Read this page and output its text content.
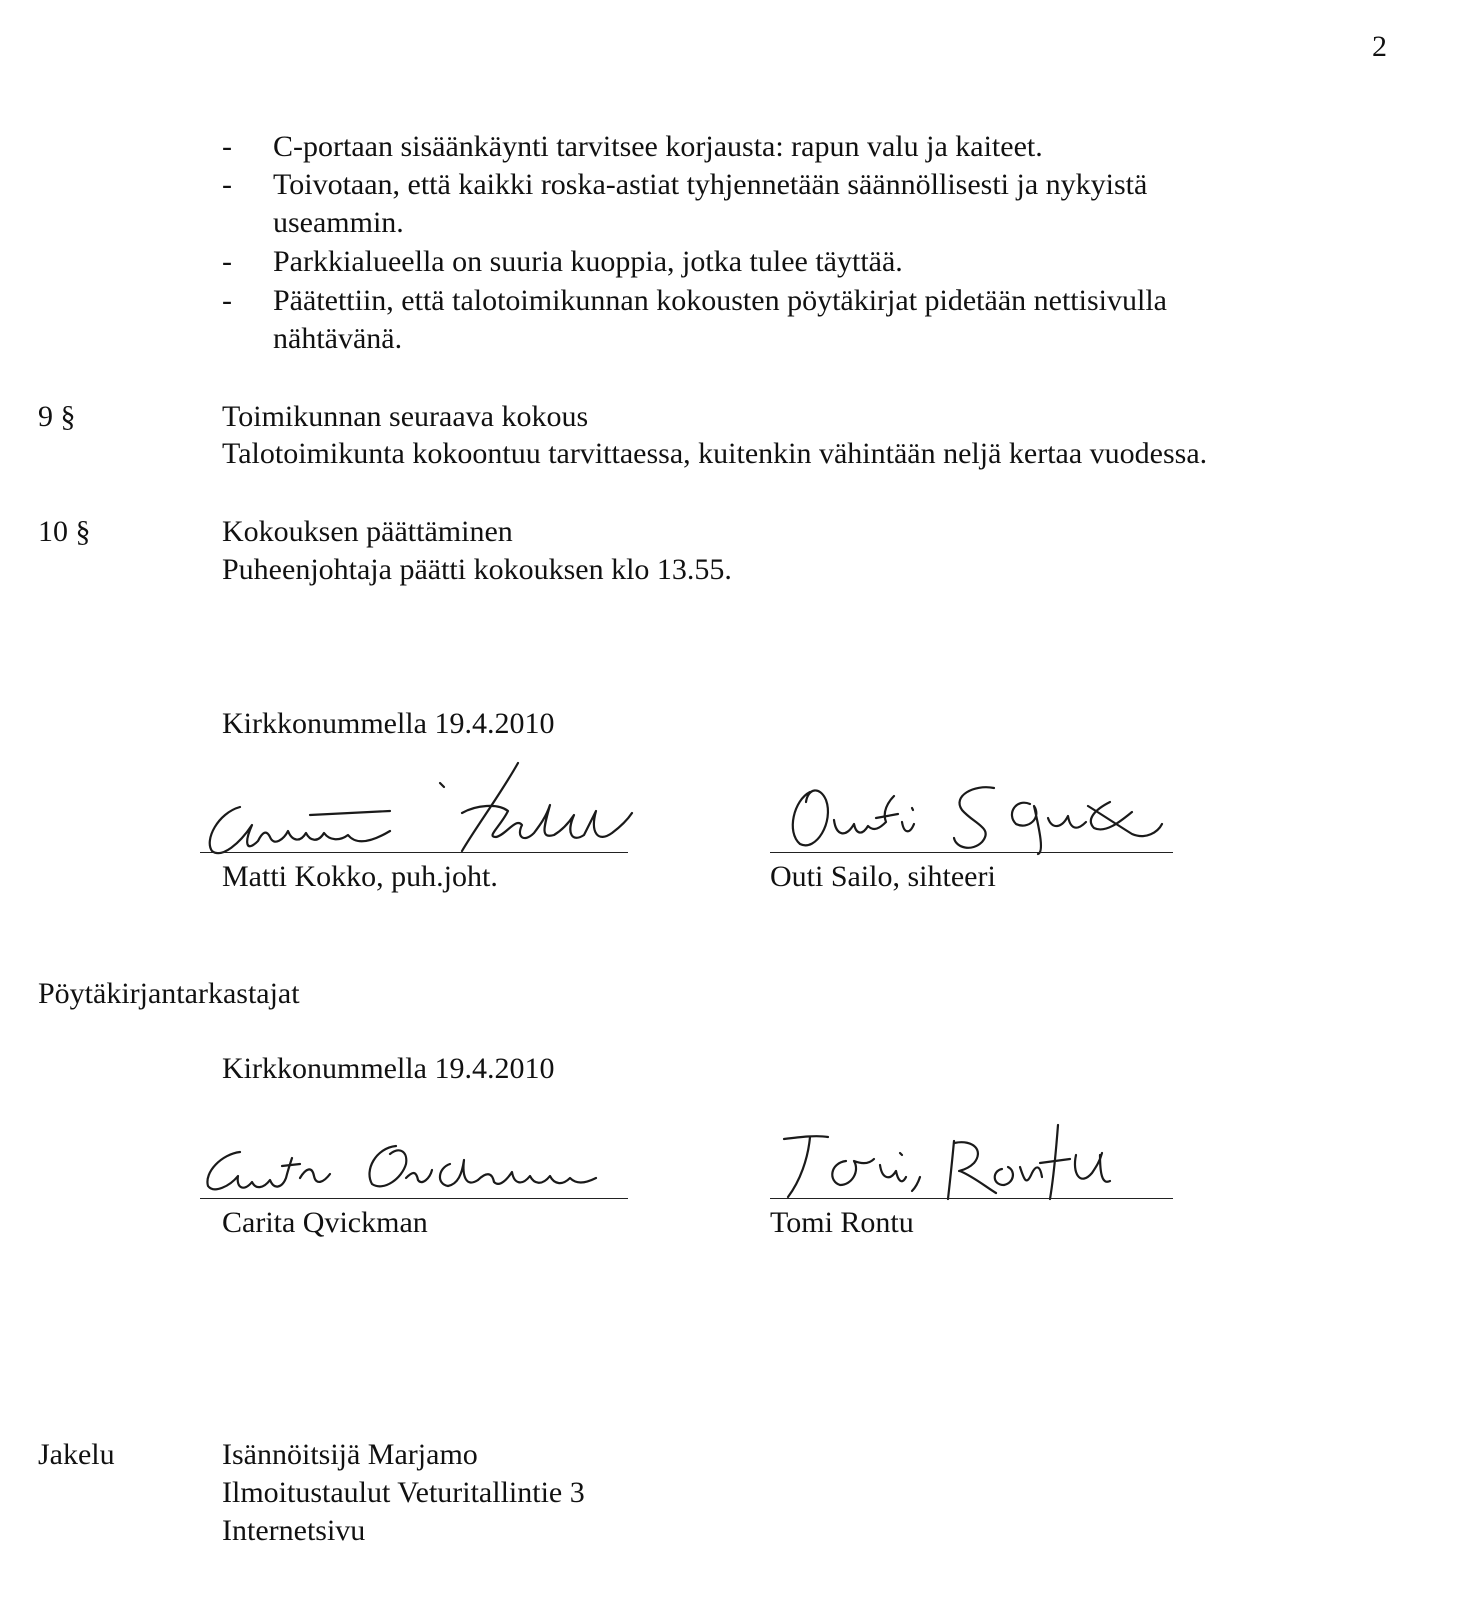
2
- C-portaan sisäänkäynti tarvitsee korjausta: rapun valu ja kaiteet.
- Toivotaan, että kaikki roska-astiat tyhjennetään säännöllisesti ja nykyistä
useammin.
- Parkkialueella on suuria kuoppia, jotka tulee täyttää.
- Päätettiin, että talotoimikunnan kokousten pöytäkirjat pidetään nettisivulla
nähtävänä.
9 §	Toimikunnan seuraava kokous
Talotoimikunta kokoontuu tarvittaessa, kuitenkin vähintään neljä kertaa vuodessa.
10 §	Kokouksen päättäminen
Puheenjohtaja päätti kokouksen klo 13.55.
Kirkkonummella 19.4.2010
Matti Kokko, puh.joht.	Outi Sailo, sihteeri
Pöytäkirjantarkastajat
Kirkkonummella 19.4.2010
Carita Qvickman	Tomi Rontu
Jakelu	Isännöitsijä Marjamo
Ilmoitustaulut Veturitallintie 3
Internetsivu
